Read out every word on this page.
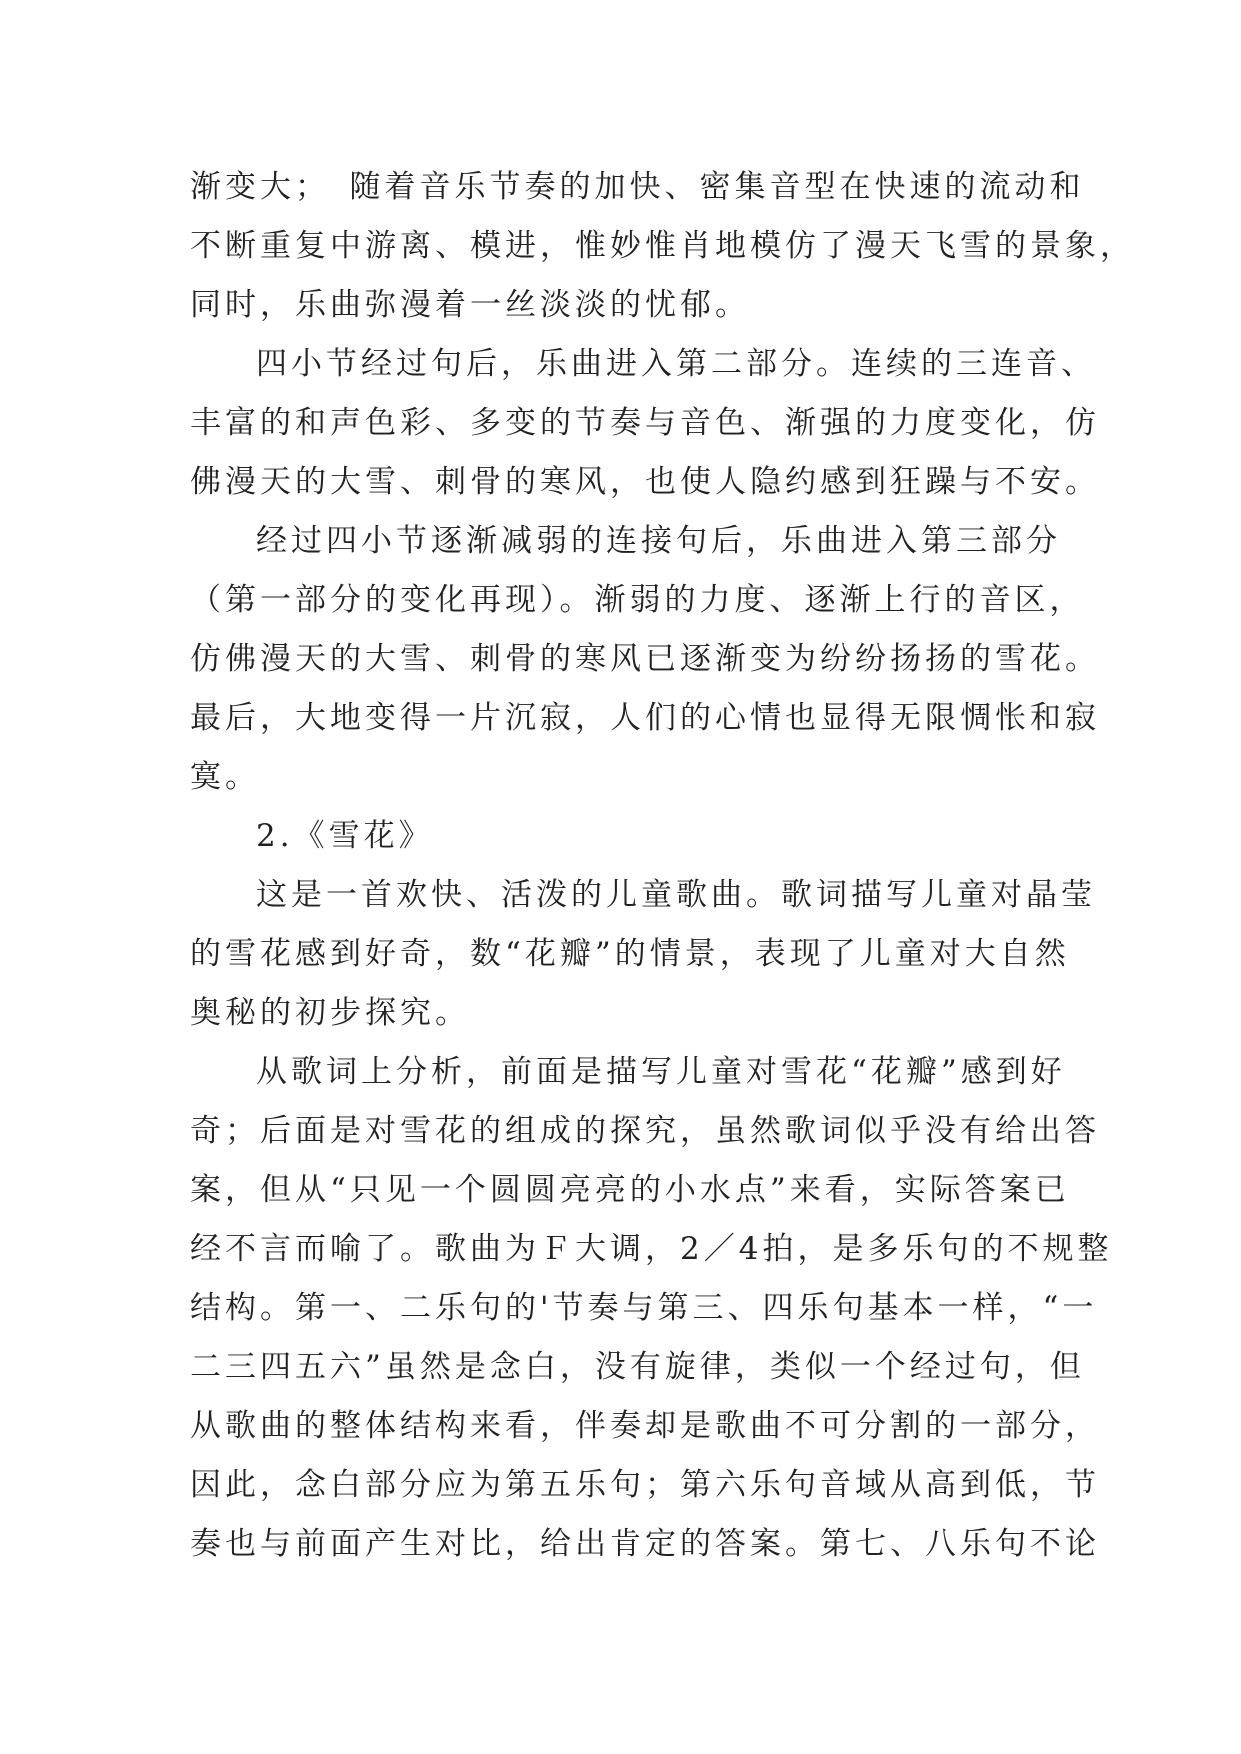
渐变大；　随着音乐节奏的加快、密集音型在快速的流动和
不断重复中游离、模进，惟妙惟肖地模仿了漫天飞雪的景象，
同时，乐曲弥漫着一丝淡淡的忧郁。
四小节经过句后，乐曲进入第二部分。连续的三连音、
丰富的和声色彩、多变的节奏与音色、渐强的力度变化，仿
佛漫天的大雪、刺骨的寒风，也使人隐约感到狂躁与不安。
经过四小节逐渐减弱的连接句后，乐曲进入第三部分
（第一部分的变化再现）。渐弱的力度、逐渐上行的音区，
仿佛漫天的大雪、刺骨的寒风已逐渐变为纷纷扬扬的雪花。
最后，大地变得一片沉寂，人们的心情也显得无限惆怅和寂
寞。
2.《雪花》
这是一首欢快、活泼的儿童歌曲。歌词描写儿童对晶莹
的雪花感到好奇，数“花瓣”的情景，表现了儿童对大自然
奥秘的初步探究。
从歌词上分析，前面是描写儿童对雪花“花瓣”感到好
奇；后面是对雪花的组成的探究，虽然歌词似乎没有给出答
案，但从“只见一个圆圆亮亮的小水点”来看，实际答案已
经不言而喻了。歌曲为Ｆ大调，2／4拍，是多乐句的不规整
结构。第一、二乐句的'节奏与第三、四乐句基本一样，“一
二三四五六”虽然是念白，没有旋律，类似一个经过句，但
从歌曲的整体结构来看，伴奏却是歌曲不可分割的一部分，
因此，念白部分应为第五乐句；第六乐句音域从高到低，节
奏也与前面产生对比，给出肯定的答案。第七、八乐句不论
